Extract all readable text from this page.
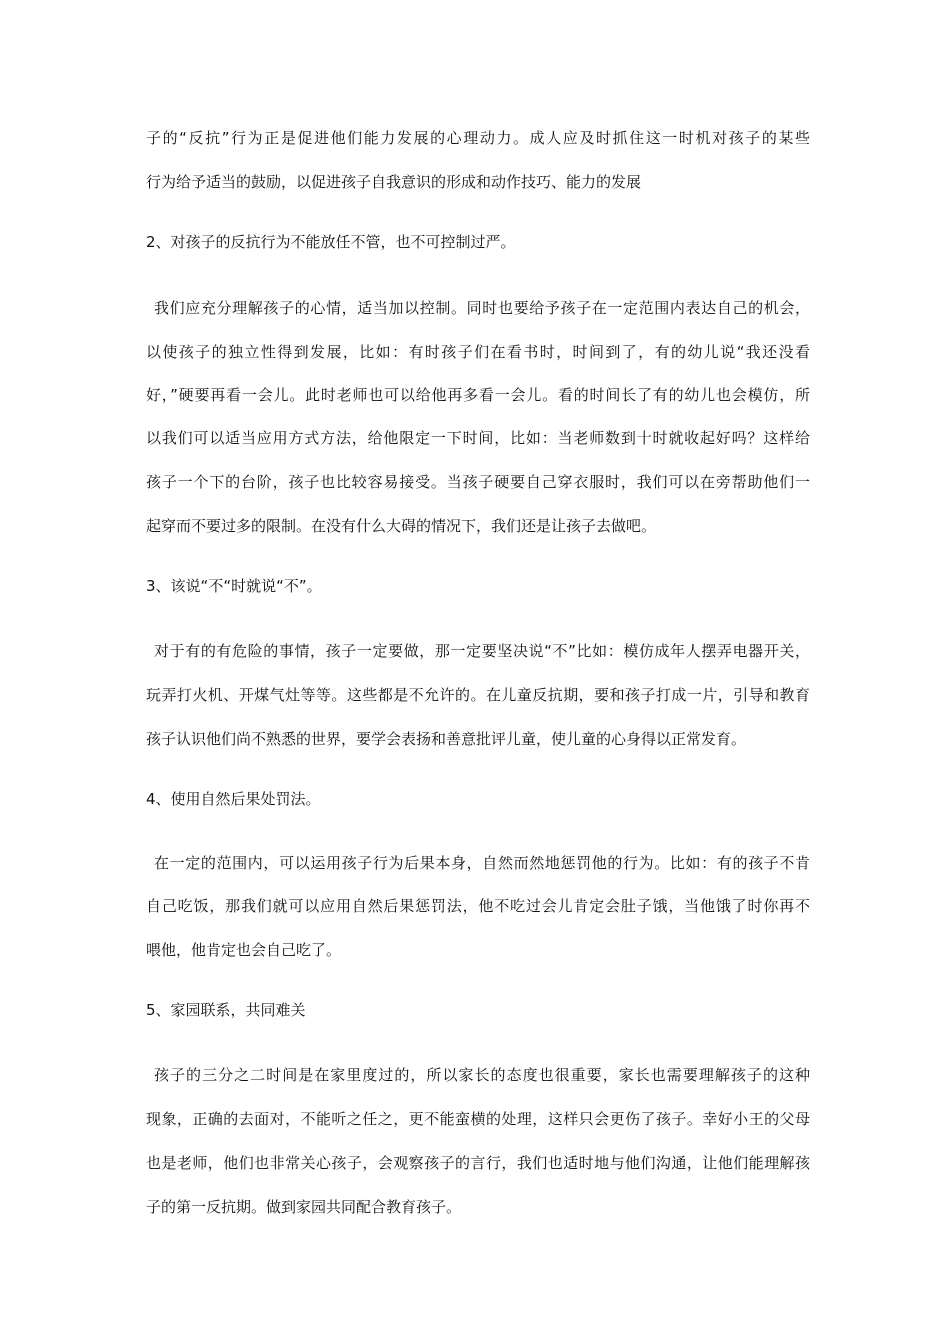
子的“反抗”行为正是促进他们能力发展的心理动力。成人应及时抓住这一时机对孩子的某些
行为给予适当的鼓励，以促进孩子自我意识的形成和动作技巧、能力的发展
2、对孩子的反抗行为不能放任不管，也不可控制过严。
我们应充分理解孩子的心情，适当加以控制。同时也要给予孩子在一定范围内表达自己的机会，
以使孩子的独立性得到发展，比如：有时孩子们在看书时，时间到了，有的幼儿说“我还没看
好，”硬要再看一会儿。此时老师也可以给他再多看一会儿。看的时间长了有的幼儿也会模仿，所
以我们可以适当应用方式方法，给他限定一下时间，比如：当老师数到十时就收起好吗？这样给
孩子一个下的台阶，孩子也比较容易接受。当孩子硬要自己穿衣服时，我们可以在旁帮助他们一
起穿而不要过多的限制。在没有什么大碍的情况下，我们还是让孩子去做吧。
3、该说“不“时就说“不”。
对于有的有危险的事情，孩子一定要做，那一定要坚决说“不”比如：模仿成年人摆弄电器开关，
玩弄打火机、开煤气灶等等。这些都是不允许的。在儿童反抗期，要和孩子打成一片，引导和教育
孩子认识他们尚不熟悉的世界，要学会表扬和善意批评儿童，使儿童的心身得以正常发育。
4、使用自然后果处罚法。
在一定的范围内，可以运用孩子行为后果本身，自然而然地惩罚他的行为。比如：有的孩子不肯
自己吃饭，那我们就可以应用自然后果惩罚法，他不吃过会儿肯定会肚子饿，当他饿了时你再不
喂他，他肯定也会自己吃了。
5、家园联系，共同难关
孩子的三分之二时间是在家里度过的，所以家长的态度也很重要，家长也需要理解孩子的这种
现象，正确的去面对，不能听之任之，更不能蛮横的处理，这样只会更伤了孩子。幸好小王的父母
也是老师，他们也非常关心孩子，会观察孩子的言行，我们也适时地与他们沟通，让他们能理解孩
子的第一反抗期。做到家园共同配合教育孩子。
